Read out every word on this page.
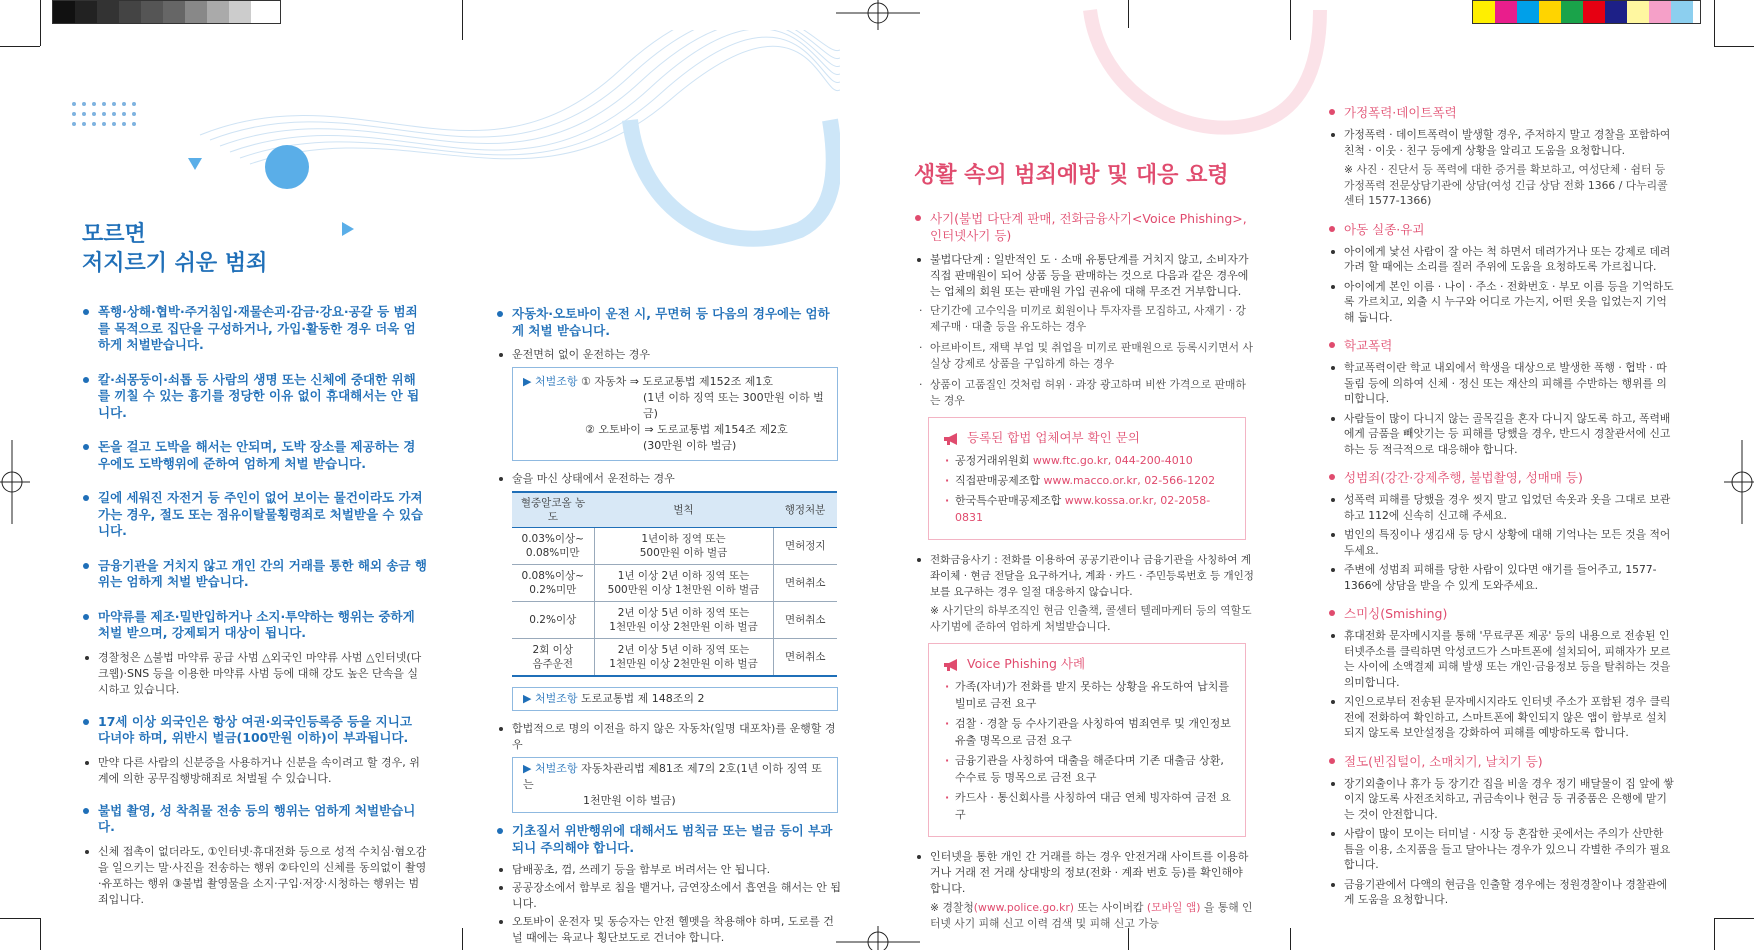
모르면
저지르기 쉬운 범죄
폭행·상해·협박·주거침입·재물손괴·감금·강요·공갈 등 범죄를 목적으로 집단을 구성하거나, 가입·활동한 경우 더욱 엄하게 처벌받습니다.
칼·쇠몽둥이·쇠톱 등 사람의 생명 또는 신체에 중대한 위해를 끼칠 수 있는 흉기를 정당한 이유 없이 휴대해서는 안 됩니다.
돈을 걸고 도박을 해서는 안되며, 도박 장소를 제공하는 경우에도 도박행위에 준하여 엄하게 처벌 받습니다.
길에 세워진 자전거 등 주인이 없어 보이는 물건이라도 가져가는 경우, 절도 또는 점유이탈물횡령죄로 처벌받을 수 있습니다.
금융기관을 거치지 않고 개인 간의 거래를 통한 해외 송금 행위는 엄하게 처벌 받습니다.
마약류를 제조·밀반입하거나 소지·투약하는 행위는 중하게 처벌 받으며, 강제퇴거 대상이 됩니다.
경찰청은 △불법 마약류 공급 사범 △외국인 마약류 사범 △인터넷(다크웹)·SNS 등을 이용한 마약류 사범 등에 대해 강도 높은 단속을 실시하고 있습니다.
17세 이상 외국인은 항상 여권·외국인등록증 등을 지니고 다녀야 하며, 위반시 벌금(100만원 이하)이 부과됩니다.
만약 다른 사람의 신분증을 사용하거나 신분을 속이려고 할 경우, 위계에 의한 공무집행방해죄로 처벌될 수 있습니다.
불법 촬영, 성 착취물 전송 등의 행위는 엄하게 처벌받습니다.
신체 접촉이 없더라도, ①인터넷·휴대전화 등으로 성적 수치심·혐오감을 일으키는 말·사진을 전송하는 행위 ②타인의 신체를 동의없이 촬영·유포하는 행위 ③불법 촬영물을 소지·구입·저장·시청하는 행위는 범죄입니다.
자동차·오토바이 운전 시, 무면허 등 다음의 경우에는 엄하게 처벌 받습니다.
운전면허 없이 운전하는 경우
▶ 처벌조항 ① 자동차 ⇒ 도로교통법 제152조 제1호
(1년 이하 징역 또는 300만원 이하 벌금)
② 오토바이 ⇒ 도로교통법 제154조 제2호
(30만원 이하 벌금)
술을 마신 상태에서 운전하는 경우
혈중알코올 농도	벌칙	행정처분
0.03%이상~
0.08%미만	1년이하 징역 또는
500만원 이하 벌금	면허정지
0.08%이상~
0.2%미만	1년 이상 2년 이하 징역 또는
500만원 이상 1천만원 이하 벌금	면허취소
0.2%이상	2년 이상 5년 이하 징역 또는
1천만원 이상 2천만원 이하 벌금	면허취소
2회 이상
음주운전	2년 이상 5년 이하 징역 또는
1천만원 이상 2천만원 이하 벌금	면허취소
▶ 처벌조항 도로교통법 제 148조의 2
합법적으로 명의 이전을 하지 않은 자동차(일명 대포차)를 운행할 경우
▶ 처벌조항 자동차관리법 제81조 제7의 2호(1년 이하 징역 또는
1천만원 이하 벌금)
기초질서 위반행위에 대해서도 범칙금 또는 벌금 등이 부과되니 주의해야 합니다.
담배꽁초, 껌, 쓰레기 등을 함부로 버려서는 안 됩니다.
공공장소에서 함부로 침을 뱉거나, 금연장소에서 흡연을 해서는 안 됩니다.
오토바이 운전자 및 동승자는 안전 헬멧을 착용해야 하며, 도로를 건널 때에는 육교나 횡단보도로 건너야 합니다.
생활 속의 범죄예방 및 대응 요령
사기(불법 다단계 판매, 전화금융사기<Voice Phishing>, 인터넷사기 등)
불법다단계 : 일반적인 도 · 소매 유통단계를 거치지 않고, 소비자가 직접 판매원이 되어 상품 등을 판매하는 것으로 다음과 같은 경우에는 업체의 회원 또는 판매원 가입 권유에 대해 무조건 거부합니다.
· 단기간에 고수익을 미끼로 회원이나 투자자를 모집하고, 사재기 · 강제구매 · 대출 등을 유도하는 경우
· 아르바이트, 재택 부업 및 취업을 미끼로 판매원으로 등록시키면서 사실상 강제로 상품을 구입하게 하는 경우
· 상품이 고품질인 것처럼 허위 · 과장 광고하며 비싼 가격으로 판매하는 경우
등록된 합법 업체여부 확인 문의
· 공정거래위원회 www.ftc.go.kr, 044-200-4010
· 직접판매공제조합 www.macco.or.kr, 02-566-1202
· 한국특수판매공제조합 www.kossa.or.kr, 02-2058-0831
전화금융사기 : 전화를 이용하여 공공기관이나 금융기관을 사칭하여 계좌이체 · 현금 전달을 요구하거나, 계좌 · 카드 · 주민등록번호 등 개인정보를 요구하는 경우 일절 대응하지 않습니다.
※ 사기단의 하부조직인 현금 인출책, 콜센터 텔레마케터 등의 역할도 사기범에 준하여 엄하게 처벌받습니다.
Voice Phishing 사례
· 가족(자녀)가 전화를 받지 못하는 상황을 유도하여 납치를 빌미로 금전 요구
· 검찰 · 경찰 등 수사기관을 사칭하여 범죄연루 및 개인정보 유출 명목으로 금전 요구
· 금융기관을 사칭하여 대출을 해준다며 기존 대출금 상환, 수수료 등 명목으로 금전 요구
· 카드사 · 통신회사를 사칭하여 대금 연체 빙자하여 금전 요구
인터넷을 통한 개인 간 거래를 하는 경우 안전거래 사이트를 이용하거나 거래 전 거래 상대방의 정보(전화 · 계좌 번호 등)를 확인해야 합니다.
※ 경찰청(www.police.go.kr) 또는 사이버캅 (모바일 앱) 을 통해 인터넷 사기 피해 신고 이력 검색 및 피해 신고 가능
가정폭력·데이트폭력
가정폭력 · 데이트폭력이 발생할 경우, 주저하지 말고 경찰을 포함하여 친척 · 이웃 · 친구 등에게 상황을 알리고 도움을 요청합니다.
※ 사진 · 진단서 등 폭력에 대한 증거를 확보하고, 여성단체 · 쉼터 등 가정폭력 전문상담기관에 상담(여성 긴급 상담 전화 1366 / 다누리콜센터 1577-1366)
아동 실종·유괴
아이에게 낯선 사람이 잘 아는 척 하면서 데려가거나 또는 강제로 데려가려 할 때에는 소리를 질러 주위에 도움을 요청하도록 가르칩니다.
아이에게 본인 이름 · 나이 · 주소 · 전화번호 · 부모 이름 등을 기억하도록 가르치고, 외출 시 누구와 어디로 가는지, 어떤 옷을 입었는지 기억해 둡니다.
학교폭력
학교폭력이란 학교 내외에서 학생을 대상으로 발생한 폭행 · 협박 · 따돌림 등에 의하여 신체 · 정신 또는 재산의 피해를 수반하는 행위를 의미합니다.
사람들이 많이 다니지 않는 골목길을 혼자 다니지 않도록 하고, 폭력배에게 금품을 빼앗기는 등 피해를 당했을 경우, 반드시 경찰관서에 신고하는 등 적극적으로 대응해야 합니다.
성범죄(강간·강제추행, 불법촬영, 성매매 등)
성폭력 피해를 당했을 경우 씻지 말고 입었던 속옷과 옷을 그대로 보관하고 112에 신속히 신고해 주세요.
범인의 특징이나 생김새 등 당시 상황에 대해 기억나는 모든 것을 적어두세요.
주변에 성범죄 피해를 당한 사람이 있다면 얘기를 들어주고, 1577-1366에 상담을 받을 수 있게 도와주세요.
스미싱(Smishing)
휴대전화 문자메시지를 통해 '무료쿠폰 제공' 등의 내용으로 전송된 인터넷주소를 클릭하면 악성코드가 스마트폰에 설치되어, 피해자가 모르는 사이에 소액결제 피해 발생 또는 개인·금융정보 등을 탈취하는 것을 의미합니다.
지인으로부터 전송된 문자메시지라도 인터넷 주소가 포함된 경우 클릭 전에 전화하여 확인하고, 스마트폰에 확인되지 않은 앱이 함부로 설치되지 않도록 보안설정을 강화하여 피해를 예방하도록 합니다.
절도(빈집털이, 소매치기, 날치기 등)
장기외출이나 휴가 등 장기간 집을 비울 경우 정기 배달물이 집 앞에 쌓이지 않도록 사전조치하고, 귀금속이나 현금 등 귀중품은 은행에 맡기는 것이 안전합니다.
사람이 많이 모이는 터미널 · 시장 등 혼잡한 곳에서는 주의가 산만한 틈을 이용, 소지품을 들고 달아나는 경우가 있으니 각별한 주의가 필요합니다.
금융기관에서 다액의 현금을 인출할 경우에는 정원경찰이나 경찰관에게 도움을 요청합니다.
